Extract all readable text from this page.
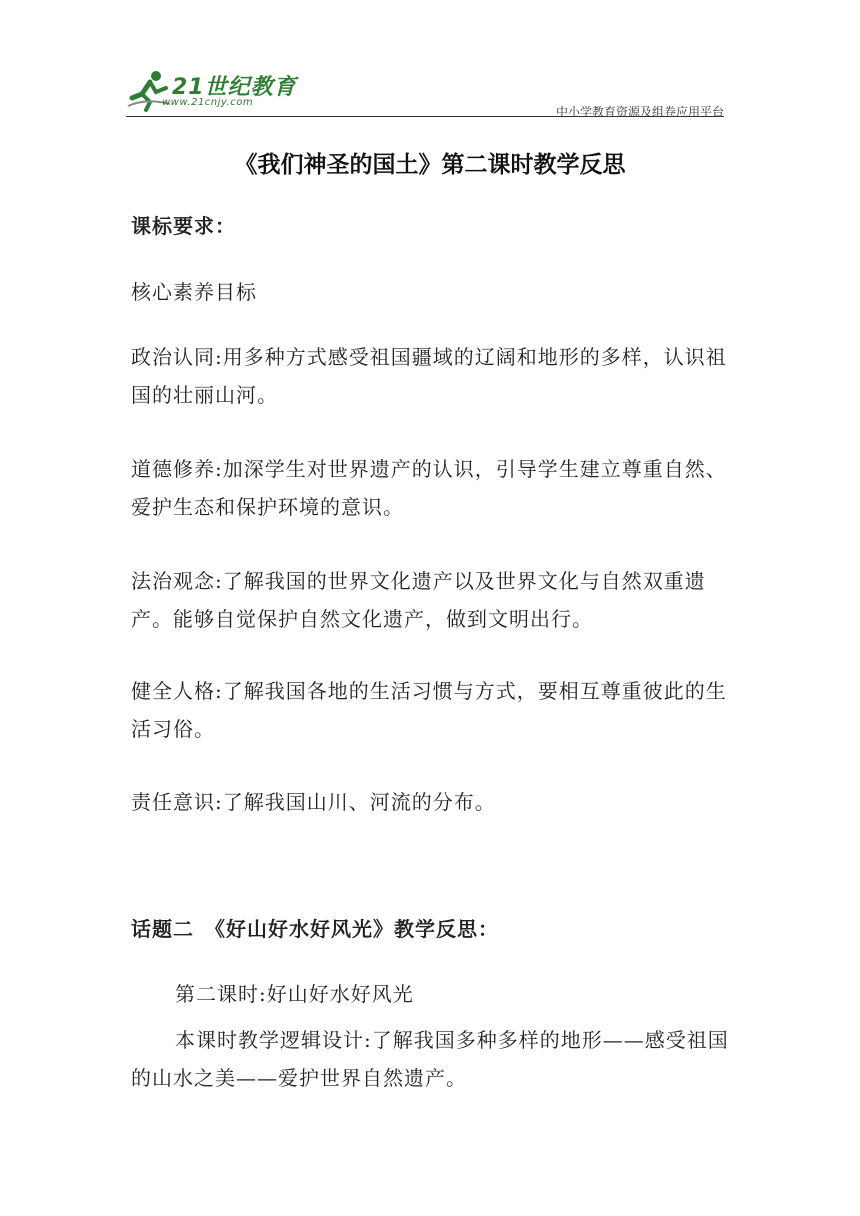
21世纪教育
www.21cnjy.com
中小学教育资源及组卷应用平台
《我们神圣的国土》第二课时教学反思
课标要求：
核心素养目标
政治认同:用多种方式感受祖国疆域的辽阔和地形的多样，认识祖国的壮丽山河。
道德修养:加深学生对世界遗产的认识，引导学生建立尊重自然、爱护生态和保护环境的意识。
法治观念:了解我国的世界文化遗产以及世界文化与自然双重遗产。能够自觉保护自然文化遗产，做到文明出行。
健全人格:了解我国各地的生活习惯与方式，要相互尊重彼此的生活习俗。
责任意识:了解我国山川、河流的分布。
话题二　《好山好水好风光》教学反思：
第二课时:好山好水好风光
本课时教学逻辑设计:了解我国多种多样的地形——感受祖国的山水之美——爱护世界自然遗产。
